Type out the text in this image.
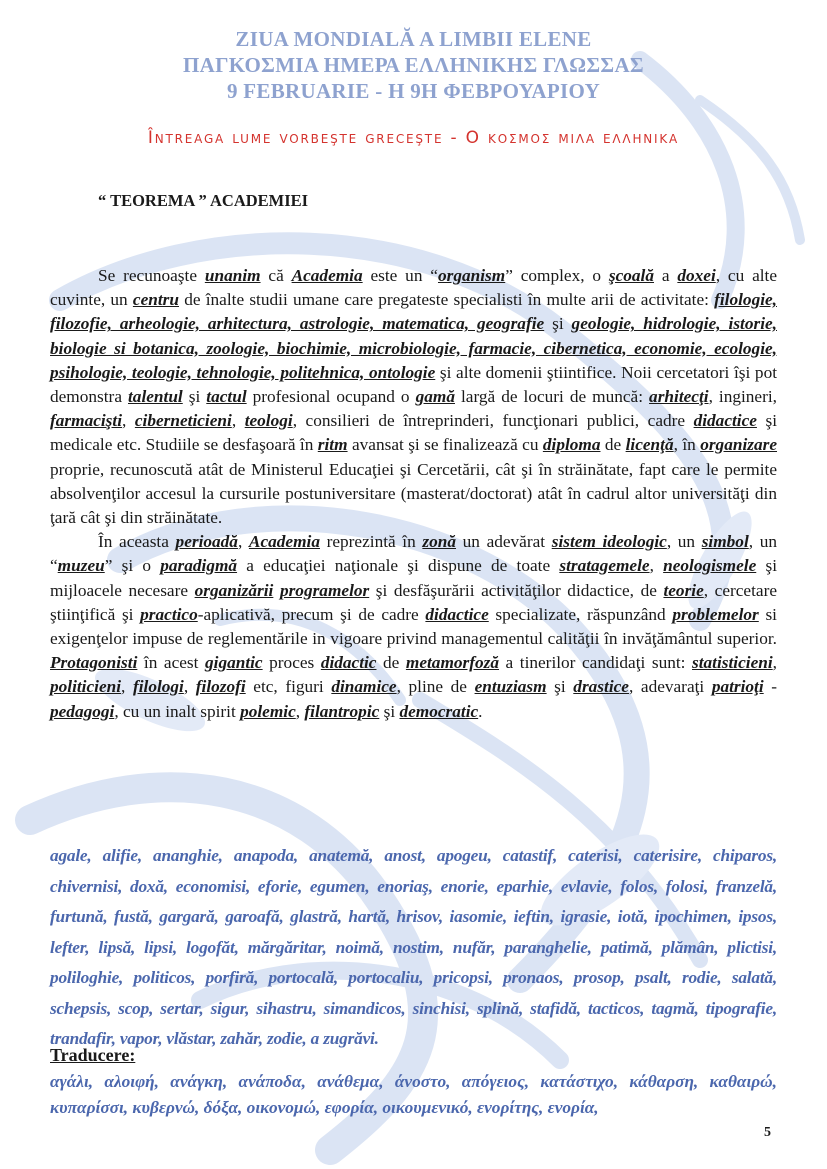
ZIUA MONDIALĂ A LIMBII ELENE
ΠΑΓΚΟΣΜΙΑ ΗΜΕΡΑ ΕΛΛΗΝΙΚΗΣ ΓΛΩΣΣΑΣ
9 FEBRUARIE - Η 9Η ΦΕΒΡΟΥΑΡΙΟΥ
Întreaga lume vorbeşte greceşte - O κοσμος μιλα ελληνικα
“ TEOREMA ” ACADEMIEI

Se recunoaşte unanim că Academia este un “organism” complex, o şcoală a doxei, cu alte cuvinte, un centru de înalte studii umane care pregateste specialisti în multe arii de activitate: filologie, filozofie, arheologie, arhitectura, astrologie, matematica, geografie şi geologie, hidrologie, istorie, biologie si botanica, zoologie, biochimie, microbiologie, farmacie, cibernetica, economie, ecologie, psihologie, teologie, tehnologie, politehnica, ontologie şi alte domenii ştiintifice. Noii cercetatori îşi pot demonstra talentul şi tactul profesional ocupand o gamă largă de locuri de muncă: arhitecţi, ingineri, farmacişti, ciberneticieni, teologi, consilieri de întreprinderi, funcţionari publici, cadre didactice şi medicale etc. Studiile se desfaşoară în ritm avansat şi se finalizează cu diploma de licenţă, în organizare proprie, recunoscută atât de Ministerul Educaţiei şi Cercetării, cât şi în străinătate, fapt care le permite absolvenţilor accesul la cursurile postuniversitare (masterat/doctorat) atât în cadrul altor universităţi din ţară cât şi din străinătate.

În aceasta perioadă, Academia reprezintă în zonă un adevărat sistem ideologic, un simbol, un “muzeu” şi o paradigmă a educaţiei naţionale şi dispune de toate stratagemele, neologismele şi mijloacele necesare organizării programelor şi desfăşurării activităţilor didactice, de teorie, cercetare ştiinţifică şi practico-aplicativă, precum şi de cadre didactice specializate, răspunzând problemelor si exigenţelor impuse de reglementările in vigoare privind managementul calităţii în invăţământul superior. Protagonisti în acest gigantic proces didactic de metamorfoză a tinerilor candidaţi sunt: statisticieni, politicieni, filologi, filozofi etc, figuri dinamice, pline de entuziasm şi drastice, adevaraţi patrioţi - pedagogi, cu un inalt spirit polemic, filantropic şi democratic.

agale, alifie, ananghie, anapoda, anatemă, anost, apogeu, catastif, caterisi, caterisire, chiparos, chivernisi, doxă, economisi, eforie, egumen, enoriaş, enorie, eparhie, evlavie, folos, folosi, franzelă, furtună, fustă, gargară, garoafă, glastră, hartă, hrisov, iasomie, ieftin, igrasie, iotă, ipochimen, ipsos, lefter, lipsă, lipsi, logofăt, mărgăritar, noimă, nostim, nufăr, paranghelie, patimă, plămân, plictisi, poliloghie, politicos, porfiră, portocală, portocaliu, pricopsi, pronaos, prosop, psalt, rodie, salată, schepsis, scop, sertar, sigur, sihastru, simandicos, sinchisi, splină, stafidă, tacticos, tagmă, tipografie, trandafir, vapor, vlăstar, zahăr, zodie, a zugrăvi.
Traducere:
αγάλι, αλοιφή, ανάγκη, ανάποδα, ανάθεμα, άνοστο, απόγειος, κατάστιχο, κάθαρση, καθαιρώ, κυπαρίσσι, κυβερνώ, δόξα, οικονομώ, εφορία, οικουμενικό, ενορίτης, ενορία,
5
